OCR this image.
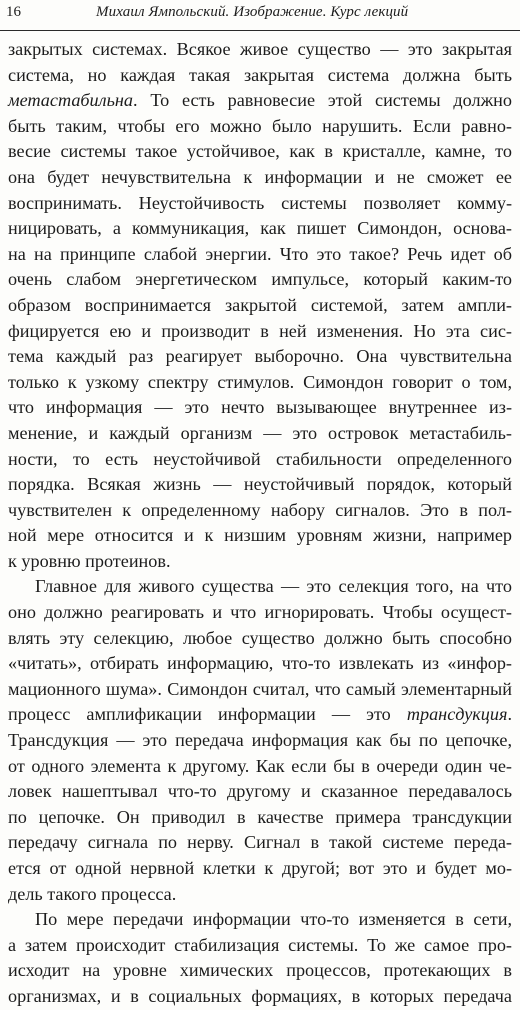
16	Михаил Ямпольский. Изображение. Курс лекций
закрытых системах. Всякое живое существо — это закрытая
система, но каждая такая закрытая система должна быть
метастабильна. То есть равновесие этой системы должно
быть таким, чтобы его можно было нарушить. Если равно-
весие системы такое устойчивое, как в кристалле, камне, то
она будет нечувствительна к информации и не сможет ее
воспринимать. Неустойчивость системы позволяет комму-
ницировать, а коммуникация, как пишет Симондон, основа-
на на принципе слабой энергии. Что это такое? Речь идет об
очень слабом энергетическом импульсе, который каким-то
образом воспринимается закрытой системой, затем ампли-
фицируется ею и производит в ней изменения. Но эта сис-
тема каждый раз реагирует выборочно. Она чувствительна
только к узкому спектру стимулов. Симондон говорит о том,
что информация — это нечто вызывающее внутреннее из-
менение, и каждый организм — это островок метастабиль-
ности, то есть неустойчивой стабильности определенного
порядка. Всякая жизнь — неустойчивый порядок, который
чувствителен к определенному набору сигналов. Это в пол-
ной мере относится и к низшим уровням жизни, например
к уровню протеинов.
Главное для живого существа — это селекция того, на что
оно должно реагировать и что игнорировать. Чтобы осущест-
влять эту селекцию, любое существо должно быть способно
«читать», отбирать информацию, что-то извлекать из «инфор-
мационного шума». Симондон считал, что самый элементарный
процесс амплификации информации — это трансдукция.
Трансдукция — это передача информация как бы по цепочке,
от одного элемента к другому. Как если бы в очереди один че-
ловек нашептывал что-то другому и сказанное передавалось
по цепочке. Он приводил в качестве примера трансдукции
передачу сигнала по нерву. Сигнал в такой системе переда-
ется от одной нервной клетки к другой; вот это и будет мо-
дель такого процесса.
По мере передачи информации что-то изменяется в сети,
а затем происходит стабилизация системы. То же самое про-
исходит на уровне химических процессов, протекающих в
организмах, и в социальных формациях, в которых передача
